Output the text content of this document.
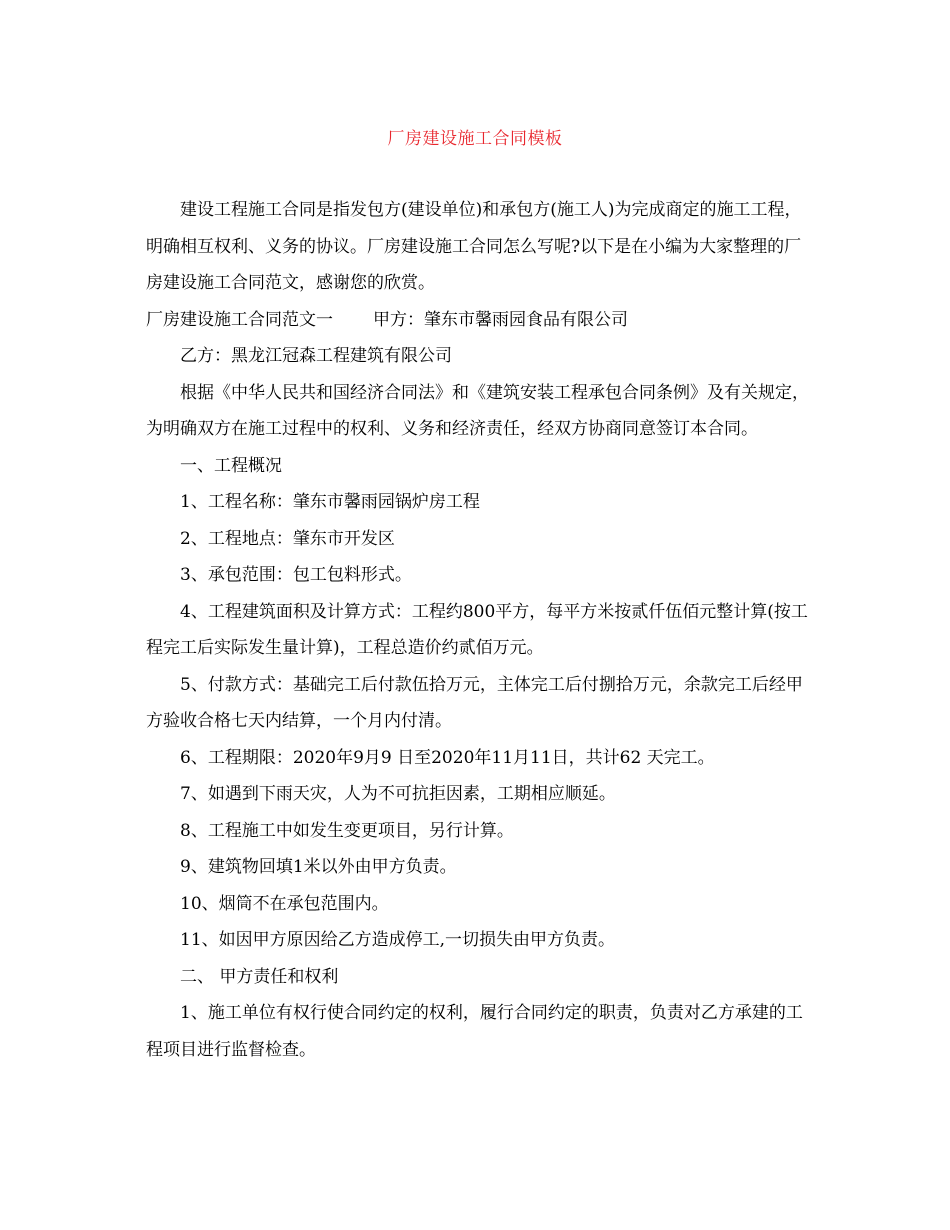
厂房建设施工合同模板

建设工程施工合同是指发包方(建设单位)和承包方(施工人)为完成商定的施工工程，明确相互权利、义务的协议。厂房建设施工合同怎么写呢?以下是在小编为大家整理的厂房建设施工合同范文，感谢您的欣赏。

厂房建设施工合同范文一 甲方：肇东市馨雨园食品有限公司

乙方：黑龙江冠森工程建筑有限公司

根据《中华人民共和国经济合同法》和《建筑安装工程承包合同条例》及有关规定，为明确双方在施工过程中的权利、义务和经济责任，经双方协商同意签订本合同。

一、工程概况

1、工程名称：肇东市馨雨园锅炉房工程

2、工程地点：肇东市开发区

3、承包范围：包工包料形式。

4、工程建筑面积及计算方式：工程约800平方，每平方米按贰仟伍佰元整计算(按工程完工后实际发生量计算)，工程总造价约贰佰万元。

5、付款方式：基础完工后付款伍拾万元，主体完工后付捌拾万元，余款完工后经甲方验收合格七天内结算，一个月内付清。

6、工程期限：2020年9月9 日至2020年11月11日，共计62 天完工。

7、如遇到下雨天灾，人为不可抗拒因素，工期相应顺延。

8、工程施工中如发生变更项目，另行计算。

9、建筑物回填1米以外由甲方负责。

10、烟筒不在承包范围内。

11、如因甲方原因给乙方造成停工,一切损失由甲方负责。

二、 甲方责任和权利

1、施工单位有权行使合同约定的权利，履行合同约定的职责，负责对乙方承建的工程项目进行监督检查。
